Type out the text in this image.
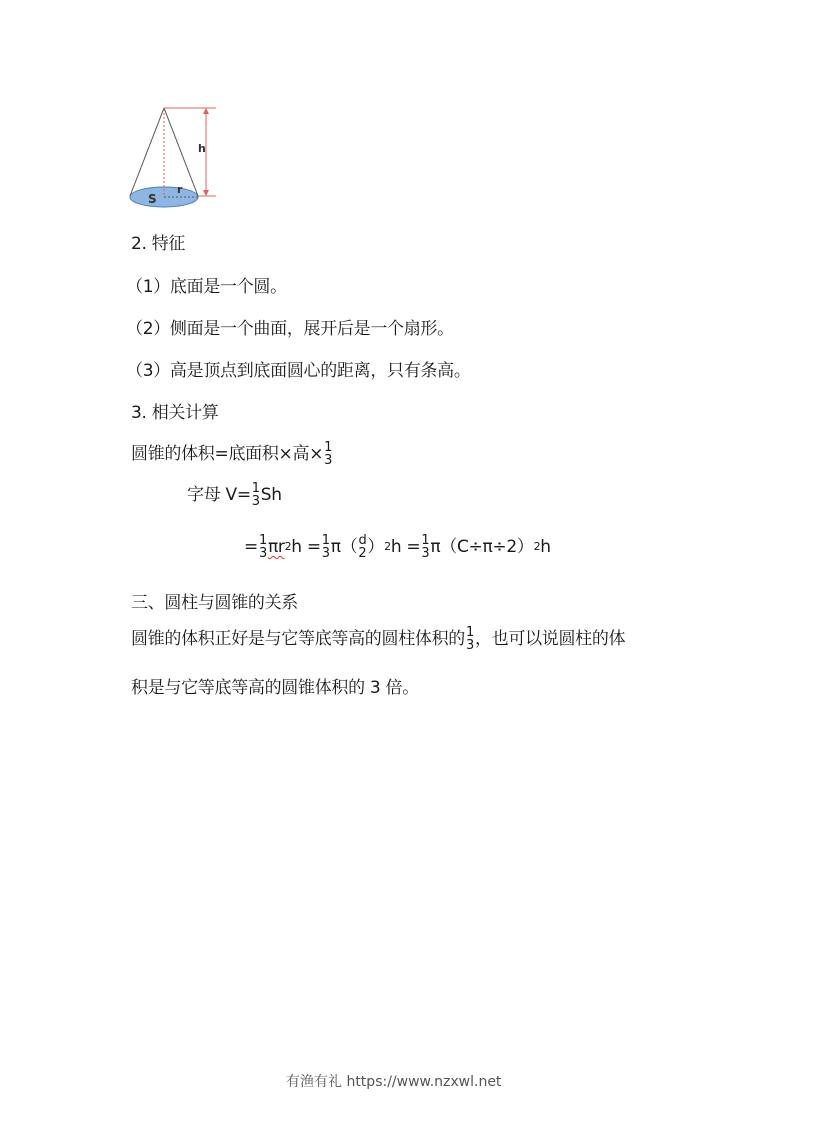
h
r
S
2. 特征
（1）底面是一个圆。
（2）侧面是一个曲面，展开后是一个扇形。
（3）高是顶点到底面圆心的距离，只有条高。
3. 相关计算
圆锥的体积=底面积×高× 1
3
字母 V= 1
3 Sh
= 1
3 πr 2 h = 1
3 π（ d
2 ） 2 h = 1
3 π（C÷π÷2） 2 h
三、圆柱与圆锥的关系
圆锥的体积正好是与它等底等高的圆柱体积的 1
3 ，也可以说圆柱的体
积是与它等底等高的圆锥体积的 3 倍。
有渔有礼 https://www.nzxwl.net
